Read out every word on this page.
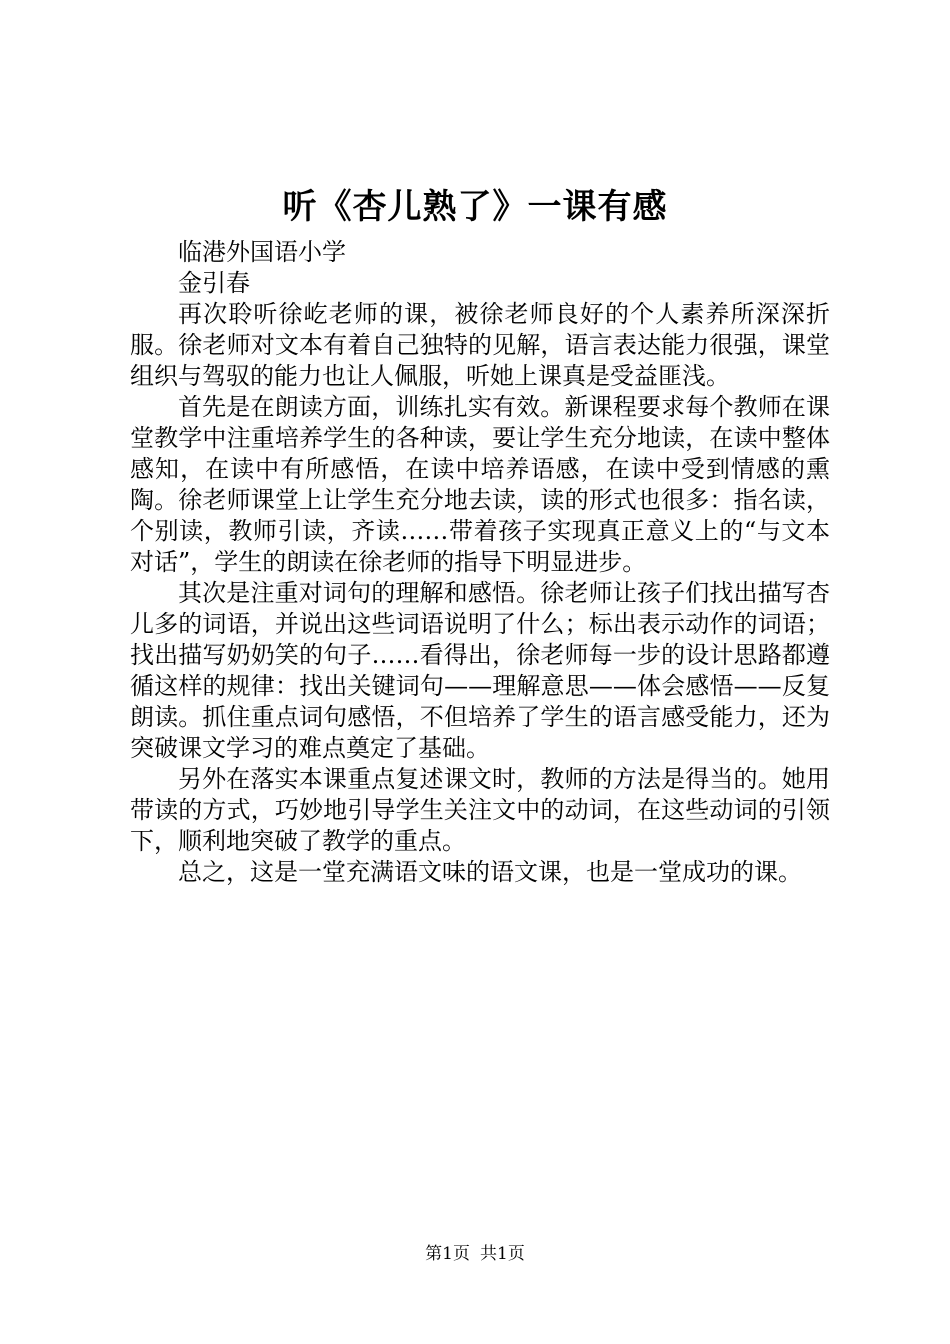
听《杏儿熟了》一课有感

临港外国语小学

金引春

再次聆听徐屹老师的课，被徐老师良好的个人素养所深深折服。徐老师对文本有着自己独特的见解，语言表达能力很强，课堂组织与驾驭的能力也让人佩服，听她上课真是受益匪浅。

首先是在朗读方面，训练扎实有效。新课程要求每个教师在课堂教学中注重培养学生的各种读，要让学生充分地读，在读中整体感知，在读中有所感悟，在读中培养语感，在读中受到情感的熏陶。徐老师课堂上让学生充分地去读，读的形式也很多：指名读，个别读，教师引读，齐读……带着孩子实现真正意义上的“与文本对话”，学生的朗读在徐老师的指导下明显进步。

其次是注重对词句的理解和感悟。徐老师让孩子们找出描写杏儿多的词语，并说出这些词语说明了什么；标出表示动作的词语；找出描写奶奶笑的句子……看得出，徐老师每一步的设计思路都遵循这样的规律：找出关键词句——理解意思——体会感悟——反复朗读。抓住重点词句感悟，不但培养了学生的语言感受能力，还为突破课文学习的难点奠定了基础。

另外在落实本课重点复述课文时，教师的方法是得当的。她用带读的方式，巧妙地引导学生关注文中的动词，在这些动词的引领下，顺利地突破了教学的重点。

总之，这是一堂充满语文味的语文课，也是一堂成功的课。

第1页 共1页
